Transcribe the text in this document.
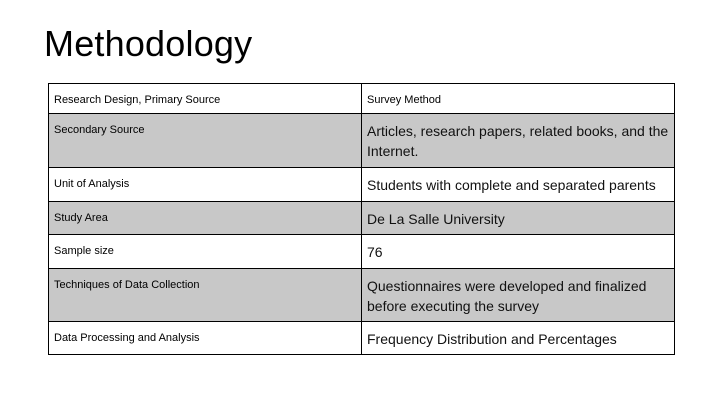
Methodology
Research Design, Primary Source	Survey Method
Secondary Source	Articles, research papers, related books, and the Internet.
Unit of Analysis	Students with complete and separated parents
Study Area	De La Salle University
Sample size	76
Techniques of Data Collection	Questionnaires were developed and finalized before executing the survey
Data Processing and Analysis	Frequency Distribution and Percentages
